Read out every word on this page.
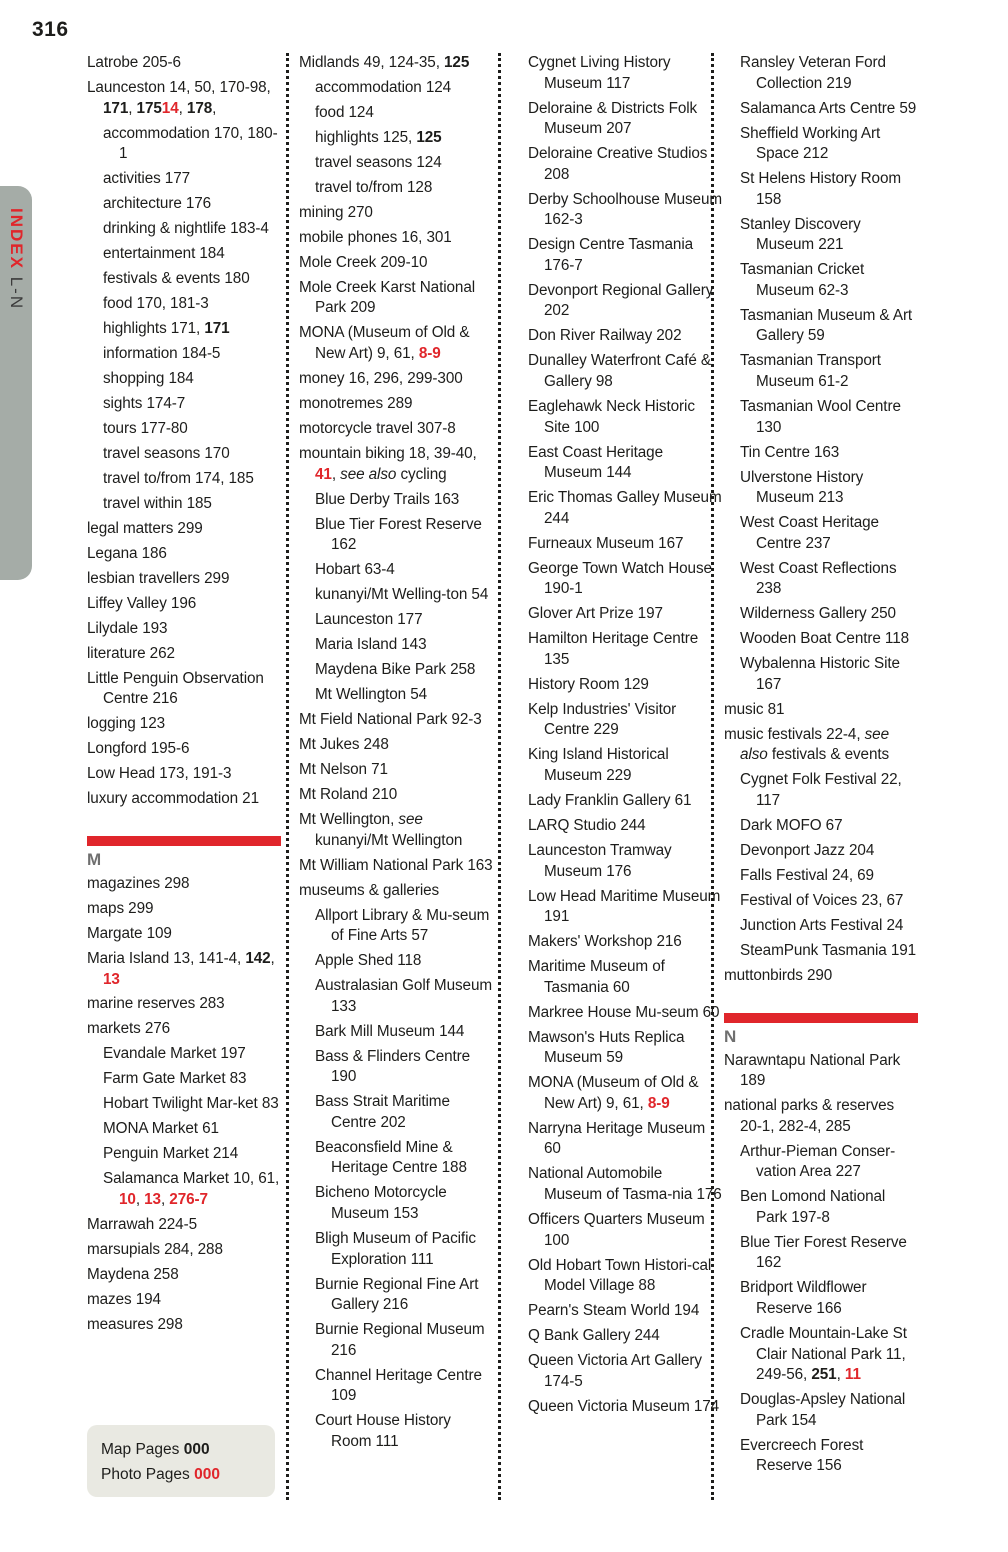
316
INDEX L-N
Latrobe 205-6
Launceston 14, 50, 170-98, 171, 17514, 178,
accommodation 170, 180-1
activities 177
architecture 176
drinking & nightlife 183-4
entertainment 184
festivals & events 180
food 170, 181-3
highlights 171, 171
information 184-5
shopping 184
sights 174-7
tours 177-80
travel seasons 170
travel to/from 174, 185
travel within 185
legal matters 299
Legana 186
lesbian travellers 299
Liffey Valley 196
Lilydale 193
literature 262
Little Penguin Observation Centre 216
logging 123
Longford 195-6
Low Head 173, 191-3
luxury accommodation 21
M
magazines 298
maps 299
Margate 109
Maria Island 13, 141-4, 142, 13
marine reserves 283
markets 276
Evandale Market 197
Farm Gate Market 83
Hobart Twilight Mar-ket 83
MONA Market 61
Penguin Market 214
Salamanca Market 10, 61, 10, 13, 276-7
Marrawah 224-5
marsupials 284, 288
Maydena 258
mazes 194
measures 298
Midlands 49, 124-35, 125
accommodation 124
food 124
highlights 125, 125
travel seasons 124
travel to/from 128
mining 270
mobile phones 16, 301
Mole Creek 209-10
Mole Creek Karst National Park 209
MONA (Museum of Old & New Art) 9, 61, 8-9
money 16, 296, 299-300
monotremes 289
motorcycle travel 307-8
mountain biking 18, 39-40, 41, see also cycling
Blue Derby Trails 163
Blue Tier Forest Reserve 162
Hobart 63-4
kunanyi/Mt Welling-ton 54
Launceston 177
Maria Island 143
Maydena Bike Park 258
Mt Wellington 54
Mt Field National Park 92-3
Mt Jukes 248
Mt Nelson 71
Mt Roland 210
Mt Wellington, see kunanyi/Mt Wellington
Mt William National Park 163
museums & galleries
Allport Library & Mu-seum of Fine Arts 57
Apple Shed 118
Australasian Golf Museum 133
Bark Mill Museum 144
Bass & Flinders Centre 190
Bass Strait Maritime Centre 202
Beaconsfield Mine & Heritage Centre 188
Bicheno Motorcycle Museum 153
Bligh Museum of Pacific Exploration 111
Burnie Regional Fine Art Gallery 216
Burnie Regional Museum 216
Channel Heritage Centre 109
Court House History Room 111
Cygnet Living History Museum 117
Deloraine & Districts Folk Museum 207
Deloraine Creative Studios 208
Derby Schoolhouse Museum 162-3
Design Centre Tasmania 176-7
Devonport Regional Gallery 202
Don River Railway 202
Dunalley Waterfront Café & Gallery 98
Eaglehawk Neck Historic Site 100
East Coast Heritage Museum 144
Eric Thomas Galley Museum 244
Furneaux Museum 167
George Town Watch House 190-1
Glover Art Prize 197
Hamilton Heritage Centre 135
History Room 129
Kelp Industries' Visitor Centre 229
King Island Historical Museum 229
Lady Franklin Gallery 61
LARQ Studio 244
Launceston Tramway Museum 176
Low Head Maritime Museum 191
Makers' Workshop 216
Maritime Museum of Tasmania 60
Markree House Mu-seum 60
Mawson's Huts Replica Museum 59
MONA (Museum of Old & New Art) 9, 61, 8-9
Narryna Heritage Museum 60
National Automobile Museum of Tasma-nia 176
Officers Quarters Museum 100
Old Hobart Town Histori-cal Model Village 88
Pearn's Steam World 194
Q Bank Gallery 244
Queen Victoria Art Gallery 174-5
Queen Victoria Museum 174
Ransley Veteran Ford Collection 219
Salamanca Arts Centre 59
Sheffield Working Art Space 212
St Helens History Room 158
Stanley Discovery Museum 221
Tasmanian Cricket Museum 62-3
Tasmanian Museum & Art Gallery 59
Tasmanian Transport Museum 61-2
Tasmanian Wool Centre 130
Tin Centre 163
Ulverstone History Museum 213
West Coast Heritage Centre 237
West Coast Reflections 238
Wilderness Gallery 250
Wooden Boat Centre 118
Wybalenna Historic Site 167
music 81
music festivals 22-4, see also festivals & events
Cygnet Folk Festival 22, 117
Dark MOFO 67
Devonport Jazz 204
Falls Festival 24, 69
Festival of Voices 23, 67
Junction Arts Festival 24
SteamPunk Tasmania 191
muttonbirds 290
N
Narawntapu National Park 189
national parks & reserves 20-1, 282-4, 285
Arthur-Pieman Conser-vation Area 227
Ben Lomond National Park 197-8
Blue Tier Forest Reserve 162
Bridport Wildflower Reserve 166
Cradle Mountain-Lake St Clair National Park 11, 249-56, 251, 11
Douglas-Apsley National Park 154
Evercreech Forest Reserve 156
Map Pages 000
Photo Pages 000
